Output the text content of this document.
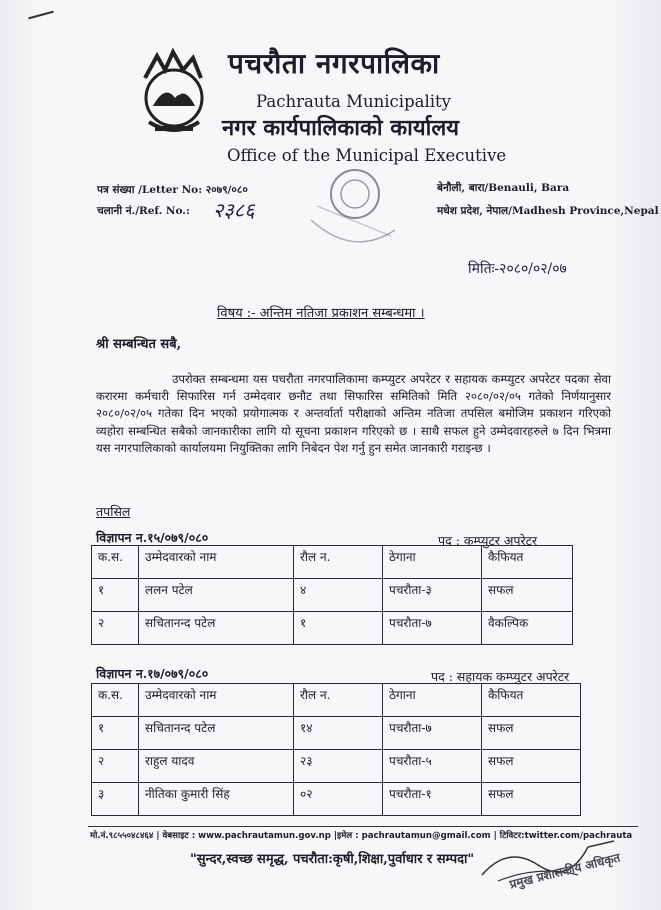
पचरौता नगरपालिका
Pachrauta Municipality
नगर कार्यपालिकाको कार्यालय
Office of the Municipal Executive
पत्र संख्या /Letter No: २०७९/०८०
चलानी नं./Ref. No.: २३८६
बेनौली, बारा/Benauli, Bara
मधेश प्रदेश, नेपाल/Madhesh Province,Nepal
मितिः-२०८०/०२/०७
विषय :- अन्तिम नतिजा प्रकाशन सम्बन्धमा ।
श्री सम्बन्धित सबै,
उपरोक्त सम्बन्धमा यस पचरौता नगरपालिकामा कम्प्युटर अपरेटर र सहायक कम्प्युटर अपरेटर पदका सेवा करारमा कर्मचारी सिफारिस गर्न उम्मेदवार छनौट तथा सिफारिस समितिको मिति २०८०/०२/०५ गतेको निर्णयानुसार २०८०/०२/०५ गतेका दिन भएको प्रयोगात्मक र अन्तर्वार्ता परीक्षाको अन्तिम नतिजा तपसिल बमोजिम प्रकाशन गरिएको व्यहोरा सम्बन्धित सबैको जानकारीका लागि यो सूचना प्रकाशन गरिएको छ । साथै सफल हुने उम्मेदवारहरुले ७ दिन भित्रमा यस नगरपालिकाको कार्यालयमा नियुक्तिका लागि निबेदन पेश गर्नु हुन समेत जानकारी गराइन्छ ।
तपसिल
विज्ञापन न.१५/०७९/०८०	पद : कम्प्युटर अपरेटर
क.स.	उम्मेदवारको नाम	रौल न.	ठेगाना	कैफियत
१	ललन पटेल	४	पचरौता-३	सफल
२	सचितानन्द पटेल	१	पचरौता-७	वैकल्पिक
विज्ञापन न.१७/०७९/०८०	पद : सहायक कम्प्युटर अपरेटर
क.स.	उम्मेदवारको नाम	रौल न.	ठेगाना	कैफियत
१	सचितानन्द पटेल	१४	पचरौता-७	सफल
२	राहुल यादव	२३	पचरौता-५	सफल
३	नीतिका कुमारी सिंह	०२	पचरौता-१	सफल
मो.नं.९८५५०४८४६४ | वेबसाइट : www.pachrautamun.gov.np |इमेल : pachrautamun@gmail.com | टिविटर:twitter.com/pachrauta
"सुन्दर,स्वच्छ समृद्ध, पचरौता:कृषी,शिक्षा,पुर्वाधार र सम्पदा"	प्रमुख प्रशासकीय अधिकृत
